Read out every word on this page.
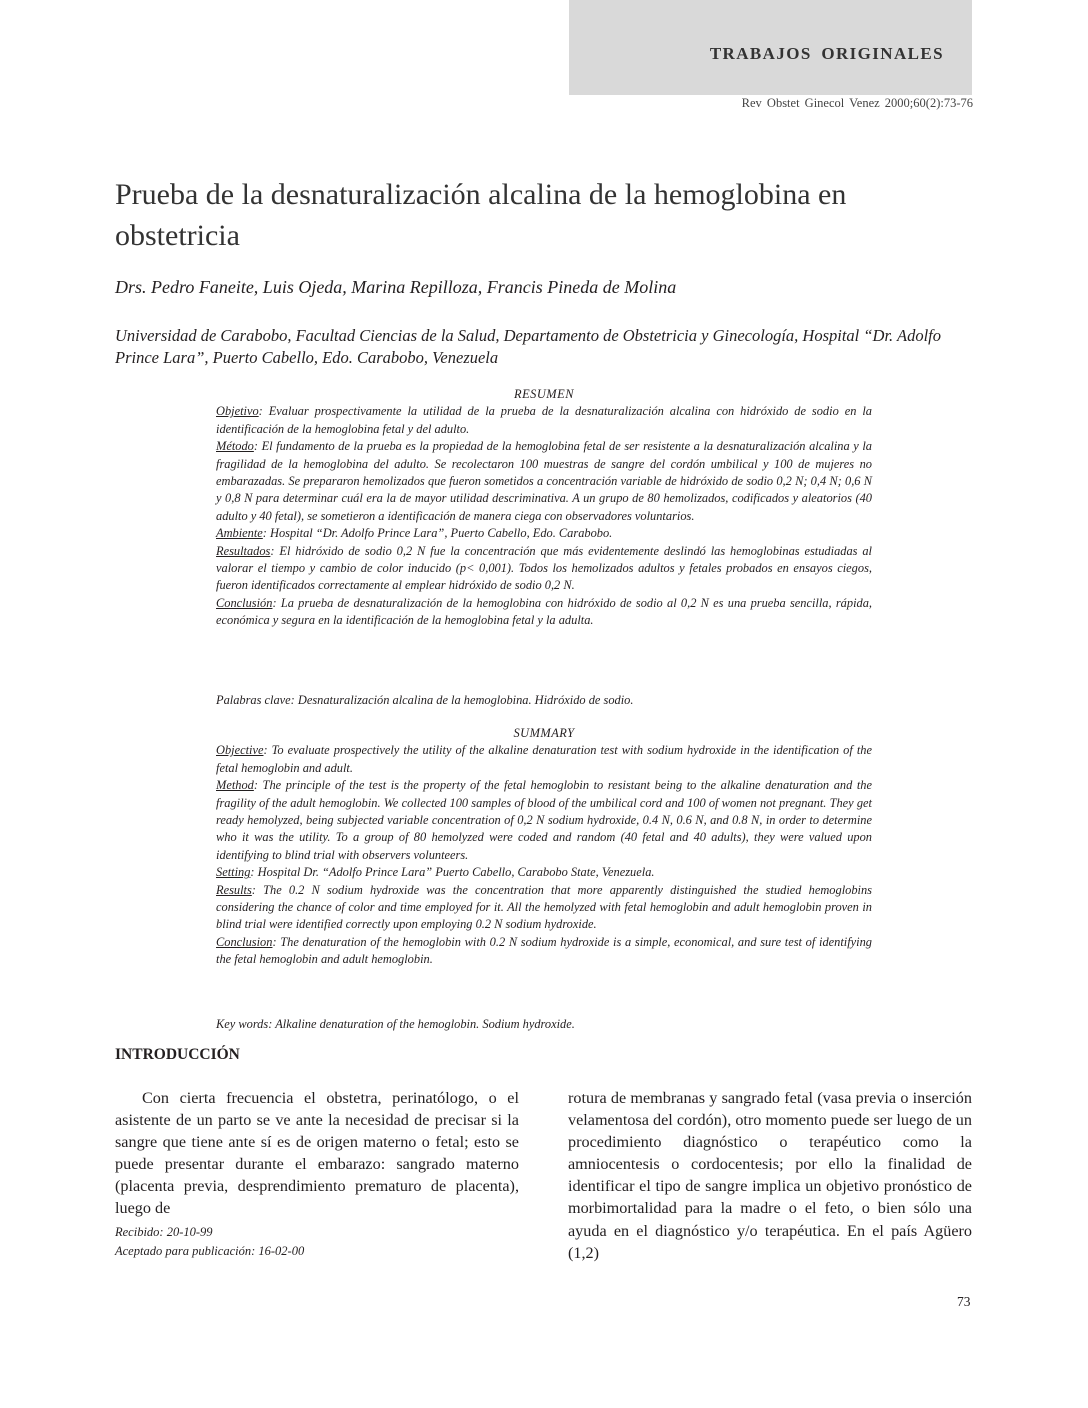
TRABAJOS ORIGINALES
Rev Obstet Ginecol Venez 2000;60(2):73-76
Prueba de la desnaturalización alcalina de la hemoglobina en obstetricia
Drs. Pedro Faneite, Luis Ojeda, Marina Repilloza, Francis Pineda de Molina
Universidad de Carabobo, Facultad Ciencias de la Salud, Departamento de Obstetricia y Ginecología, Hospital “Dr. Adolfo Prince Lara”, Puerto Cabello, Edo. Carabobo, Venezuela

RESUMEN

Objetivo: Evaluar prospectivamente la utilidad de la prueba de la desnaturalización alcalina con hidróxido de sodio en la identificación de la hemoglobina fetal y del adulto.

Método: El fundamento de la prueba es la propiedad de la hemoglobina fetal de ser resistente a la desnaturalización alcalina y la fragilidad de la hemoglobina del adulto. Se recolectaron 100 muestras de sangre del cordón umbilical y 100 de mujeres no embarazadas. Se prepararon hemolizados que fueron sometidos a concentración variable de hidróxido de sodio 0,2 N; 0,4 N; 0,6 N y 0,8 N para determinar cuál era la de mayor utilidad descriminativa. A un grupo de 80 hemolizados, codificados y aleatorios (40 adulto y 40 fetal), se sometieron a identificación de manera ciega con observadores voluntarios.

Ambiente: Hospital “Dr. Adolfo Prince Lara”, Puerto Cabello, Edo. Carabobo.

Resultados: El hidróxido de sodio 0,2 N fue la concentración que más evidentemente deslindó las hemoglobinas estudiadas al valorar el tiempo y cambio de color inducido (p< 0,001). Todos los hemolizados adultos y fetales probados en ensayos ciegos, fueron identificados correctamente al emplear hidróxido de sodio 0,2 N.

Conclusión: La prueba de desnaturalización de la hemoglobina con hidróxido de sodio al 0,2 N es una prueba sencilla, rápida, económica y segura en la identificación de la hemoglobina fetal y la adulta.

Palabras clave: Desnaturalización alcalina de la hemoglobina. Hidróxido de sodio.

SUMMARY

Objective: To evaluate prospectively the utility of the alkaline denaturation test with sodium hydroxide in the identification of the fetal hemoglobin and adult.

Method: The principle of the test is the property of the fetal hemoglobin to resistant being to the alkaline denaturation and the fragility of the adult hemoglobin. We collected 100 samples of blood of the umbilical cord and 100 of women not pregnant. They get ready hemolyzed, being subjected variable concentration of 0,2 N sodium hydroxide, 0.4 N, 0.6 N, and 0.8 N, in order to determine who it was the utility. To a group of 80 hemolyzed were coded and random (40 fetal and 40 adults), they were valued upon identifying to blind trial with observers volunteers.

Setting: Hospital Dr. “Adolfo Prince Lara” Puerto Cabello, Carabobo State, Venezuela.

Results: The 0.2 N sodium hydroxide was the concentration that more apparently distinguished the studied hemoglobins considering the chance of color and time employed for it. All the hemolyzed with fetal hemoglobin and adult hemoglobin proven in blind trial were identified correctly upon employing 0.2 N sodium hydroxide.

Conclusion: The denaturation of the hemoglobin with 0.2 N sodium hydroxide is a simple, economical, and sure test of identifying the fetal hemoglobin and adult hemoglobin.

Key words: Alkaline denaturation of the hemoglobin. Sodium hydroxide.
INTRODUCCIÓN

Con cierta frecuencia el obstetra, perinatólogo, o el asistente de un parto se ve ante la necesidad de precisar si la sangre que tiene ante sí es de origen materno o fetal; esto se puede presentar durante el embarazo: sangrado materno (placenta previa, desprendimiento prematuro de placenta), luego de

rotura de membranas y sangrado fetal (vasa previa o inserción velamentosa del cordón), otro momento puede ser luego de un procedimiento diagnóstico o terapéutico como la amniocentesis o cordocentesis; por ello la finalidad de identificar el tipo de sangre implica un objetivo pronóstico de morbimortalidad para la madre o el feto, o bien sólo una ayuda en el diagnóstico y/o terapéutica. En el país Agüero (1,2)

Recibido: 20-10-99
Aceptado para publicación: 16-02-00
73
